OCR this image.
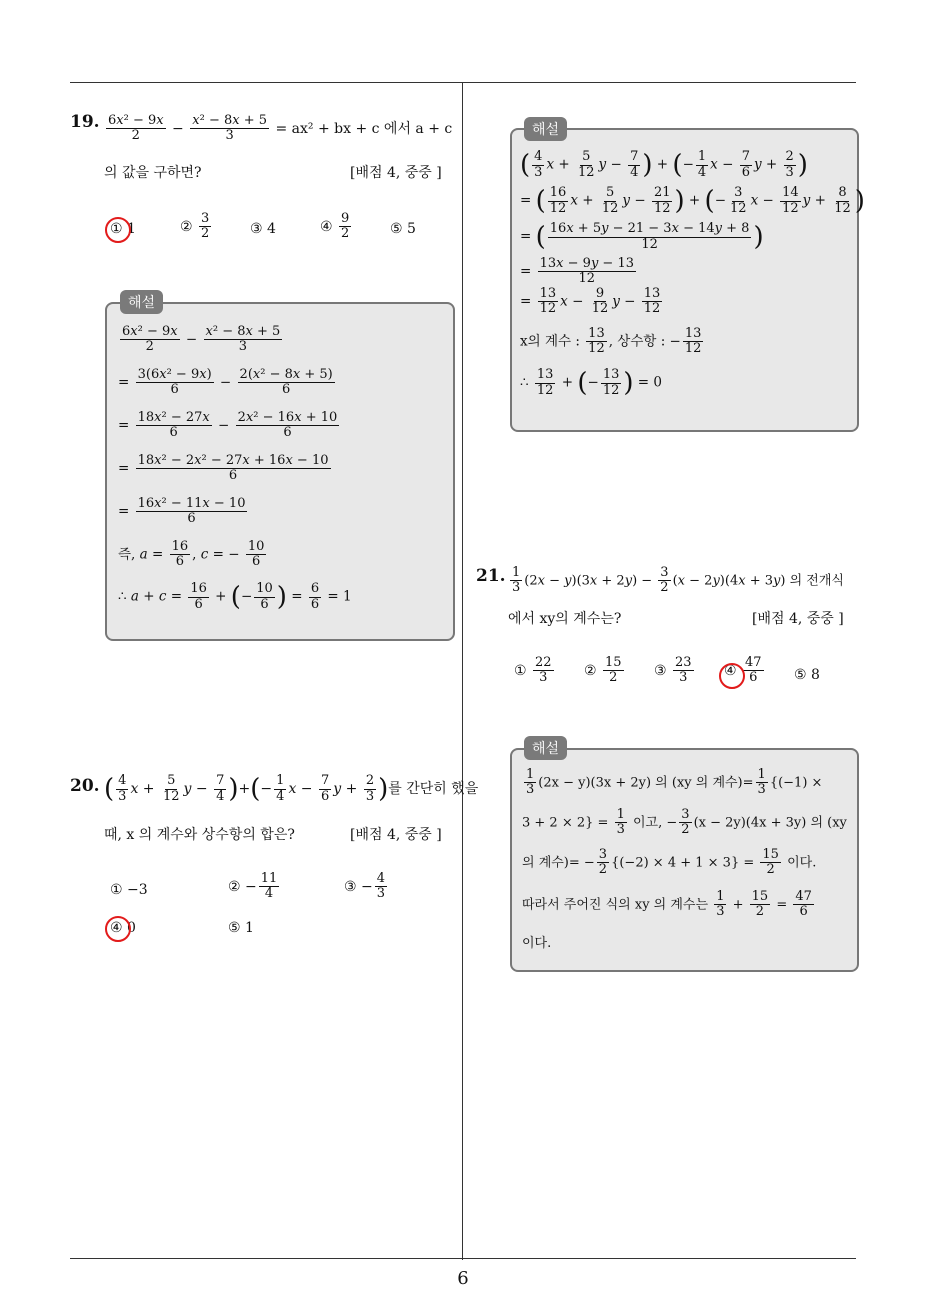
6
19. $\frac{\text{6x² − 9x}}{2} - \frac{\text{x² − 8x + 5}}{3} = ax^2$ + bx + c 에서 a + c
의 값을 구하면?	[배점 4, 중중 ]
① 1	② $\frac{3}{2}$	③ 4	④ $\frac{9}{2}$	⑤ 5
해설
$\frac{\text{6x² − 9x}}{2} - \frac{\text{x² − 8x + 5}}{3}$
= $\frac{\text{3(6x² − 9x)}}{6} - \frac{\text{2(x² − 8x + 5)}}{6}$
= $\frac{\text{18x² − 27x}}{6} - \frac{\text{2x² − 16x + 10}}{6}$
= $\frac{\text{18x² − 2x² − 27x + 16x − 10}}{6}$
= $\frac{\text{16x² − 11x − 10}}{6}$
즉, $a = \frac{16}{6}$ , c = − $\frac{10}{6}$
∴ $a + c = \frac{16}{6}$ + (− $\frac{10}{6}$ ) = $\frac{6}{6} = 1$
20. ( $\frac{4}{3}$ $x + \frac{5}{12}$ $y - \frac{7}{4}$ )+(− $\frac{1}{4}$ $x - \frac{7}{6}$ $y + \frac{2}{3}$ )를 간단히 했을
때, x 의 계수와 상수항의 합은?	[배점 4, 중중 ]
① −3	② − $\frac{11}{4}$	③ − $\frac{4}{3}$
④ 0	⑤ 1
해설
( $\frac{4}{3}$ $x + \frac{5}{12}$ $y - \frac{7}{4}$ ) + (− $\frac{1}{4}$ $x - \frac{7}{6}$ $y + \frac{2}{3}$ )
= ( $\frac{16}{12}$ $x + \frac{5}{12}$ $y - \frac{21}{12}$ ) + (− $\frac{3}{12}$ $x - \frac{14}{12}$ $y + \frac{8}{12}$ )
= ( $\frac{16x + 5y - 21 - 3x - 14y + 8}{12}$ )
= $\frac{13x - 9y - 13}{12}$
= $\frac{13}{12}$ $x - \frac{9}{12}$ $y - \frac{13}{12}$
x의 계수 : $\frac{13}{12}$ , 상수항 : − $\frac{13}{12}$
∴ $\frac{13}{12}$ + (− $\frac{13}{12}$ ) = 0
21. $\frac{1}{3} (2x - y)(3x + 2y) - \frac{3}{2} (x - 2y)(4x + 3y)$ 의 전개식
에서 xy의 계수는?	[배점 4, 중중 ]
① $\frac{22}{3}$ ② $\frac{15}{2}$ ③ $\frac{23}{3}$ ④ $\frac{47}{6}$ ⑤ 8
해설
$\frac{1}{3} (2x - y)(3x + 2y)$ 의 (xy 의 계수)= $\frac{1}{3} \{(-1)$ ×
$3 + 2 \times 2\} = \frac{1}{3}$ 이고, − $\frac{3}{2} (x - 2y)(4x + 3y)$ 의 (xy
의 계수)= − $\frac{3}{2} \{(-2) \times 4 + 1 \times 3\} = \frac{15}{2}$ 이다.
따라서 주어진 식의 xy 의 계수는 $\frac{1}{3} + \frac{15}{2} = \frac{47}{6}$
이다.
